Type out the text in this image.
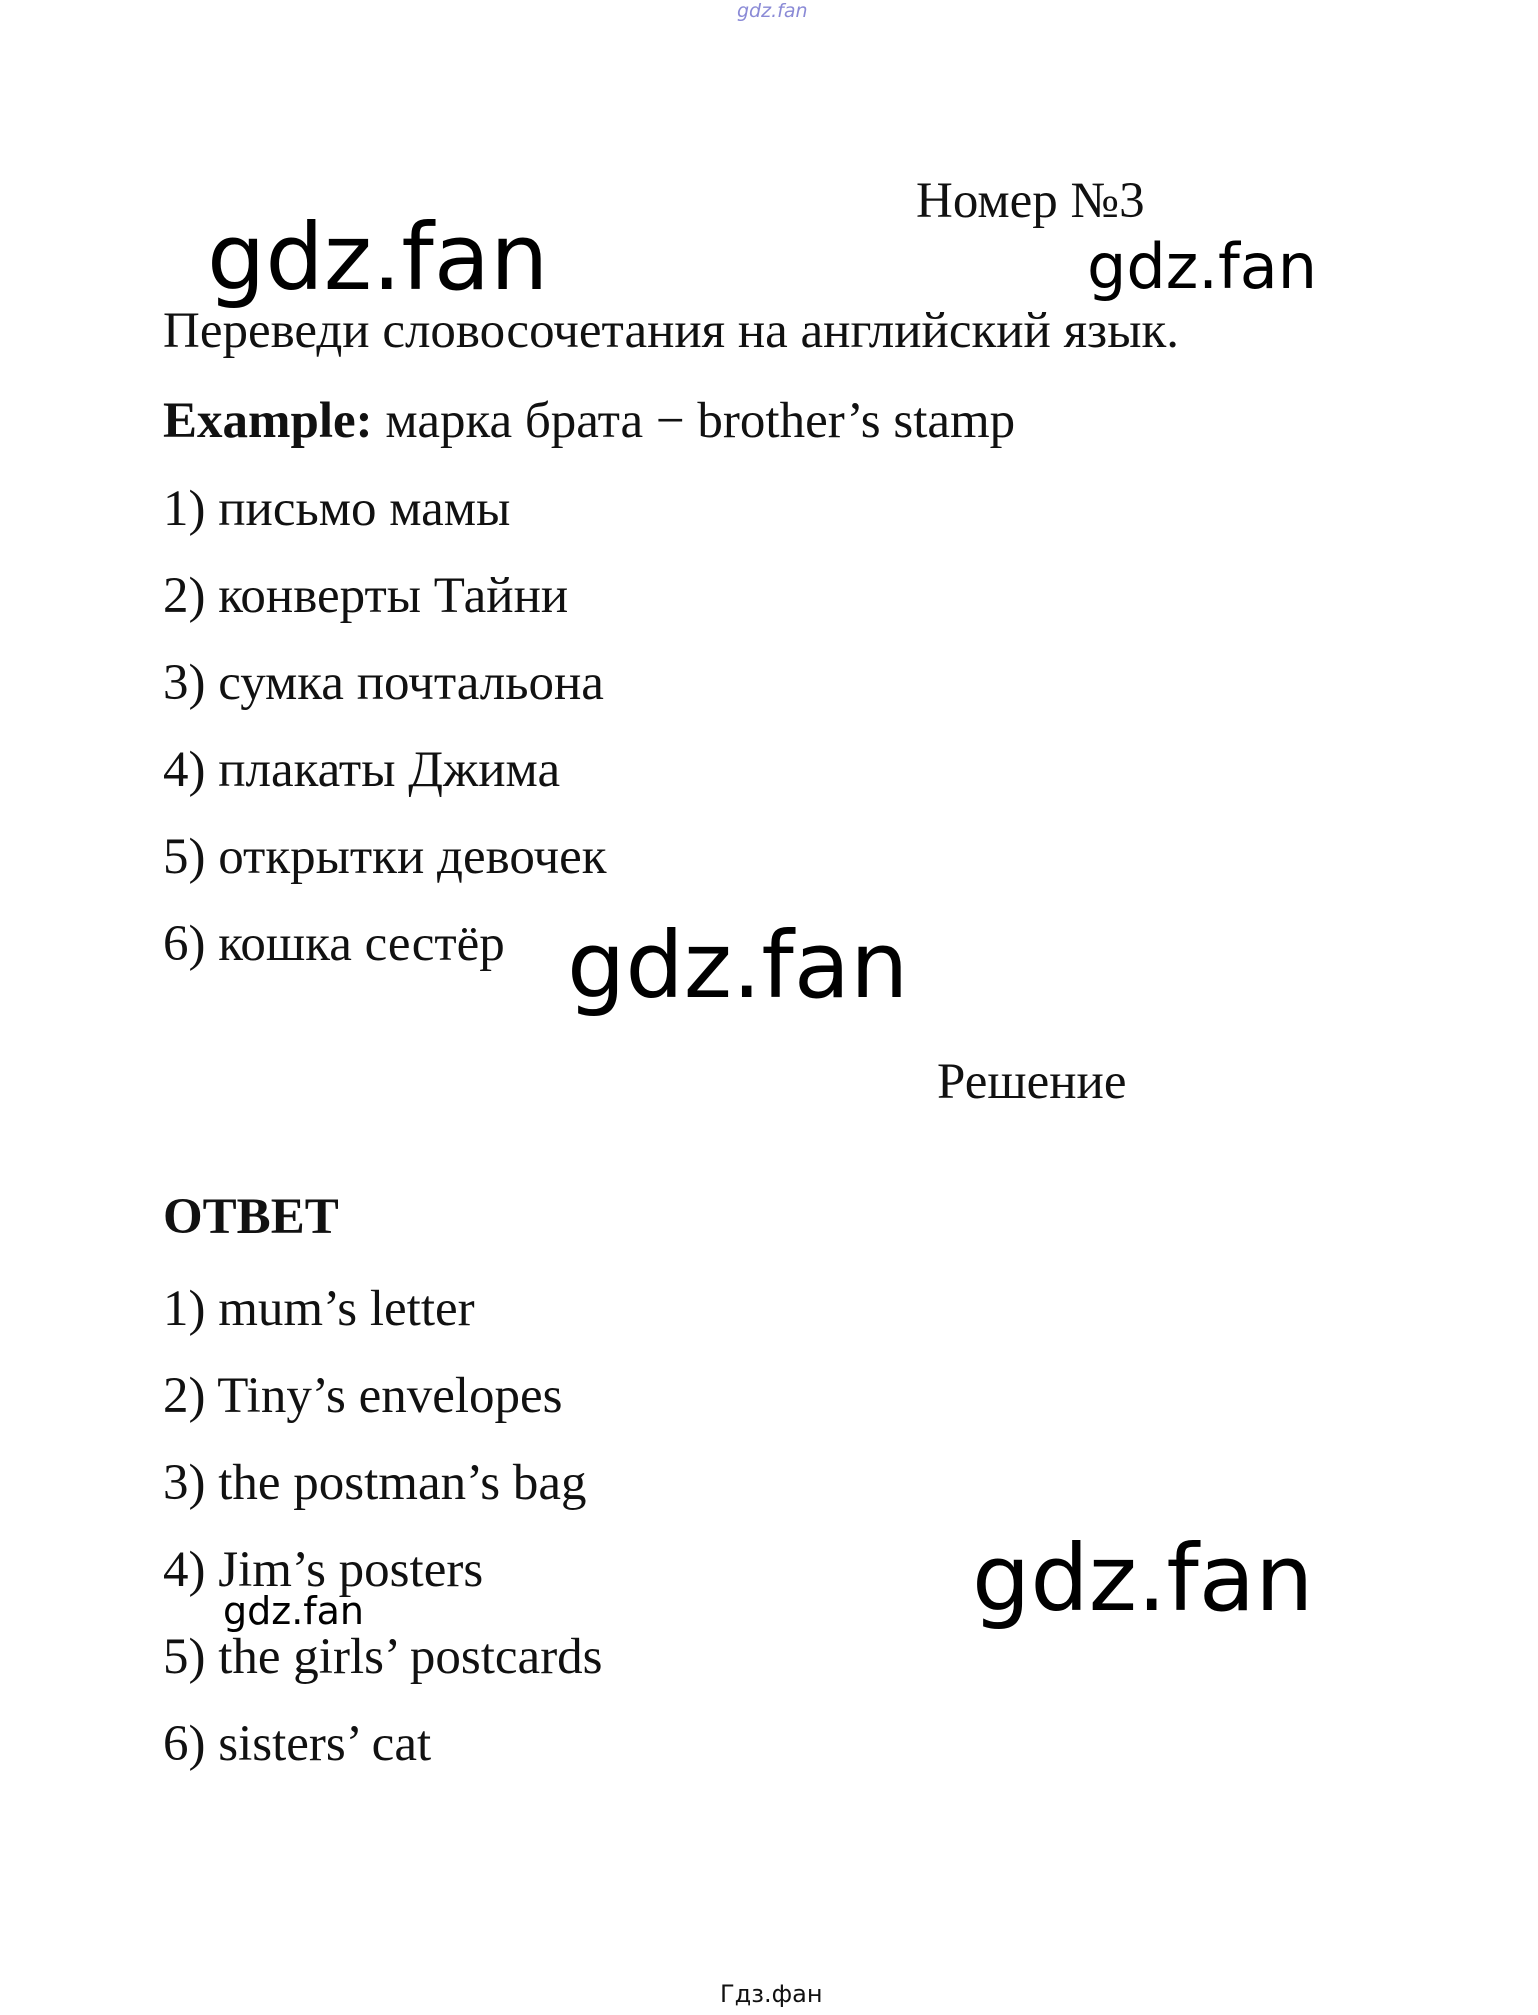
gdz.fan
Номер №3
gdz.fan	gdz.fan
Переведи словосочетания на английский язык.
Example: марка брата − brother’s stamp
1) письмо мамы
2) конверты Тайни
3) сумка почтальона
4) плакаты Джима
5) открытки девочек
6) кошка сестёр gdz.fan
Решение
ОТВЕТ
1) mum’s letter
2) Tiny’s envelopes
3) the postman’s bag
4) Jim’s posters
5) the girls’ postcards
6) sisters’ cat
gdz.fan
gdz.fan
Гдз.фан
